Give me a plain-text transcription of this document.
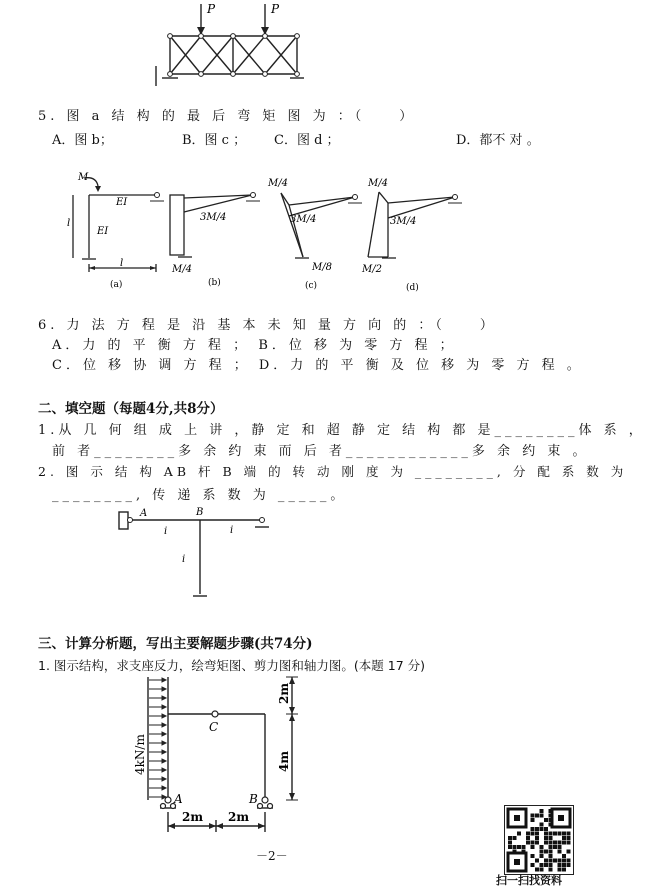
P	P
5. 图 a 结 构 的 最 后 弯 矩 图 为 ：（　　）
A．图 b；	B．图 c ； C．图 d ；	D．都不 对 。
M
EI
EI
l
l
3M/4
M/4
M/4
3M/4
M/8
M/4
3M/4
M/2
(a)	(b)	(c)	(d)
6. 力 法 方 程 是 沿 基 本 未 知 量 方 向 的 ：（　　）
A．力 的 平 衡 方 程 ； B．位 移 为 零 方 程 ；
C．位 移 协 调 方 程 ； D．力 的 平 衡 及 位 移 为 零 方 程 。
二、填空题（每题4分,共8分）
1.从 几 何 组 成 上 讲 ，静 定 和 超 静 定 结 构 都 是________体 系 ，
前 者________多 余 约 束 而 后 者____________多 余 约 束 。
2. 图 示 结 构 AB 杆 B 端 的 转 动 刚 度 为 ________, 分 配 系 数 为
________, 传 递 系 数 为 _____。
A	B
i	i
i
三、计算分析题，写出主要解题步骤(共74分)
1. 图示结构，求支座反力，绘弯矩图、剪力图和轴力图。(本题 17 分)
4kN/m
2m
4m
C
A	B
2m 2m
－2－
扫一扫找资料
